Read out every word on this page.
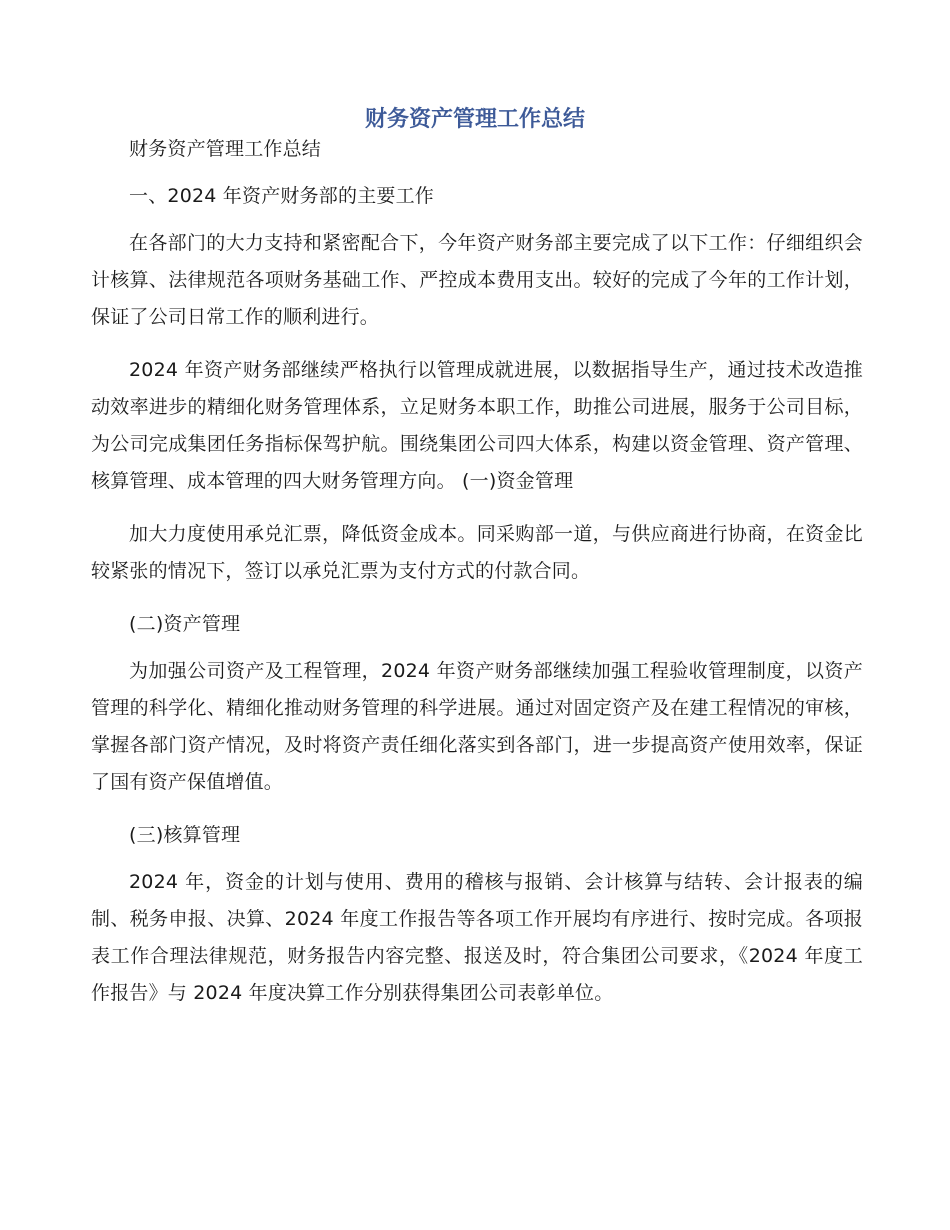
财务资产管理工作总结

财务资产管理工作总结

一、2024 年资产财务部的主要工作

在各部门的大力支持和紧密配合下，今年资产财务部主要完成了以下工作：仔细组织会计核算、法律规范各项财务基础工作、严控成本费用支出。较好的完成了今年的工作计划，保证了公司日常工作的顺利进行。

2024 年资产财务部继续严格执行以管理成就进展，以数据指导生产，通过技术改造推动效率进步的精细化财务管理体系，立足财务本职工作，助推公司进展，服务于公司目标，为公司完成集团任务指标保驾护航。围绕集团公司四大体系，构建以资金管理、资产管理、核算管理、成本管理的四大财务管理方向。 (一)资金管理

加大力度使用承兑汇票，降低资金成本。同采购部一道，与供应商进行协商，在资金比较紧张的情况下，签订以承兑汇票为支付方式的付款合同。

(二)资产管理

为加强公司资产及工程管理，2024 年资产财务部继续加强工程验收管理制度，以资产管理的科学化、精细化推动财务管理的科学进展。通过对固定资产及在建工程情况的审核，掌握各部门资产情况，及时将资产责任细化落实到各部门，进一步提高资产使用效率，保证了国有资产保值增值。

(三)核算管理

2024 年，资金的计划与使用、费用的稽核与报销、会计核算与结转、会计报表的编制、税务申报、决算、2024 年度工作报告等各项工作开展均有序进行、按时完成。各项报表工作合理法律规范，财务报告内容完整、报送及时，符合集团公司要求，《2024 年度工作报告》与 2024 年度决算工作分别获得集团公司表彰单位。
